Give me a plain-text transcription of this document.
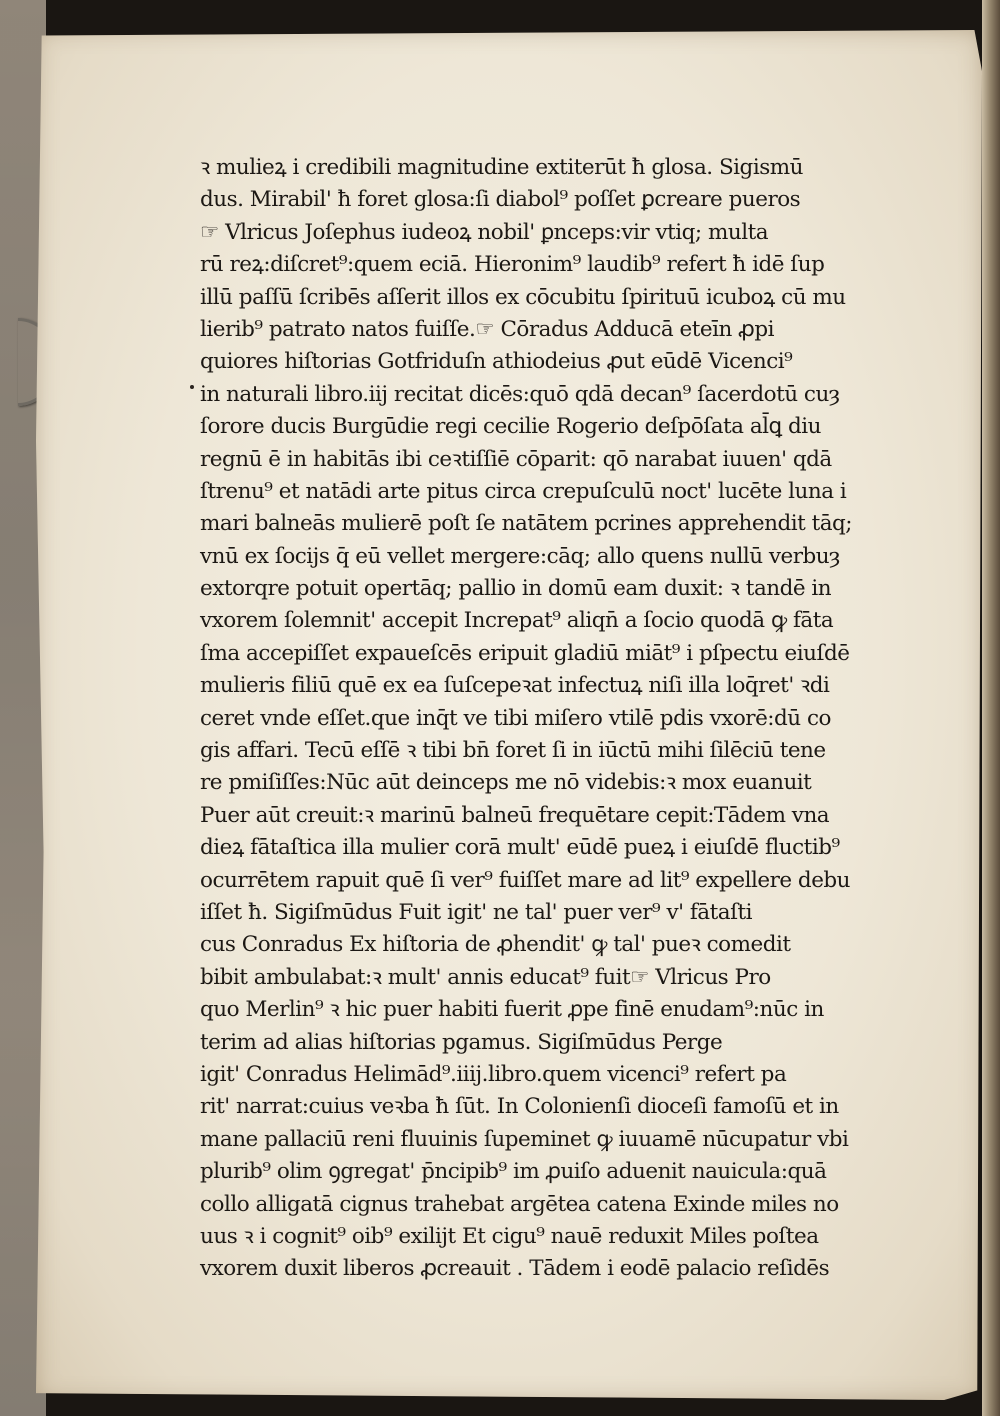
ꝛ mulieꝝ i credibili magnitudine extiterūt ħ glosa. Sigismū
dus. Mirabil' ħ foret glosa:ſi diabol⁹ poſſet ꝑcreare pueros
☞ Vlricus Joſephus iudeoꝝ nobil' ꝑnceps:vir vtiq; multa
rū reꝝ:diſcret⁹:quem eciā. Hieronim⁹ laudib⁹ refert ħ idē ſup
illū paſſū ſcribēs aſſerit illos ex cōcubitu ſpirituū icuboꝝ cū mu
lierib⁹ patrato natos fuiſſe.☞ Cōradus Adducā eteīn ꝓpi
quiores hiſtorias Gotfriduſn athiodeius ꝓut eūdē Vicenci⁹
in naturali libro.iij recitat dicēs:quō qdā decan⁹ ſacerdotū cuȝ
ſorore ducis Burgūdie regi cecilie Rogerio deſpōſata al̄ꝗ diu
regnū ē in habitās ibi ceꝛtiſſiē cōparit: qō narabat iuuen' qdā
ſtrenu⁹ et natādi arte pitus circa crepuſculū noct' lucēte luna i
mari balneās mulierē poſt ſe natātem pcrines apprehendit tāq;
vnū ex ſocijs q̄ eū vellet mergere:cāq; allo quens nullū verbuȝ
extorqre potuit opertāq; pallio in domū eam duxit: ꝛ tandē in
vxorem ſolemnit' accepit Increpat⁹ aliqn̄ a ſocio quodā ꝙ fāta
ſma accepiſſet expaueſcēs eripuit gladiū miāt⁹ i pſpectu eiuſdē
mulieris filiū quē ex ea ſuſcepeꝛat infectuꝝ niſi illa loq̄ret' ꝛdi
ceret vnde eſſet.que inq̄t ve tibi miſero vtilē pdis vxorē:dū co
gis affari. Tecū eſſē ꝛ tibi bn̄ foret ſi in iūctū mihi ſilēciū tene
re pmiſiſſes:Nūc aūt deinceps me nō videbis:ꝛ mox euanuit
Puer aūt creuit:ꝛ marinū balneū frequētare cepit:Tādem vna
dieꝝ fātaſtica illa mulier corā mult' eūdē pueꝝ i eiuſdē fluctib⁹
ocurrētem rapuit quē ſi ver⁹ fuiſſet mare ad lit⁹ expellere debu
iſſet ħ. Sigiſmūdus Fuit igit' ne tal' puer ver⁹ v' fātaſti
cus Conradus Ex hiſtoria de ꝓhendit' ꝙ tal' pueꝛ comedit
bibit ambulabat:ꝛ mult' annis educat⁹ fuit☞ Vlricus Pro
quo Merlin⁹ ꝛ hic puer habiti fuerit ꝓpe finē enudam⁹:nūc in
terim ad alias hiſtorias pgamus. Sigiſmūdus Perge
igit' Conradus Helimād⁹.iiij.libro.quem vicenci⁹ refert pa
rit' narrat:cuius veꝛba ħ ſūt. In Colonienſi dioceſi famoſū et in
mane pallaciū reni fluuinis ſupeminet ꝙ iuuamē nūcupatur vbi
plurib⁹ olim ꝯgregat' p̄ncipib⁹ im ꝓuiſo aduenit nauicula:quā
collo alligatā cignus trahebat argētea catena Exinde miles no
uus ꝛ i cognit⁹ oib⁹ exilijt Et cigu⁹ nauē reduxit Miles poſtea
vxorem duxit liberos ꝓcreauit . Tādem i eodē palacio reſidēs
